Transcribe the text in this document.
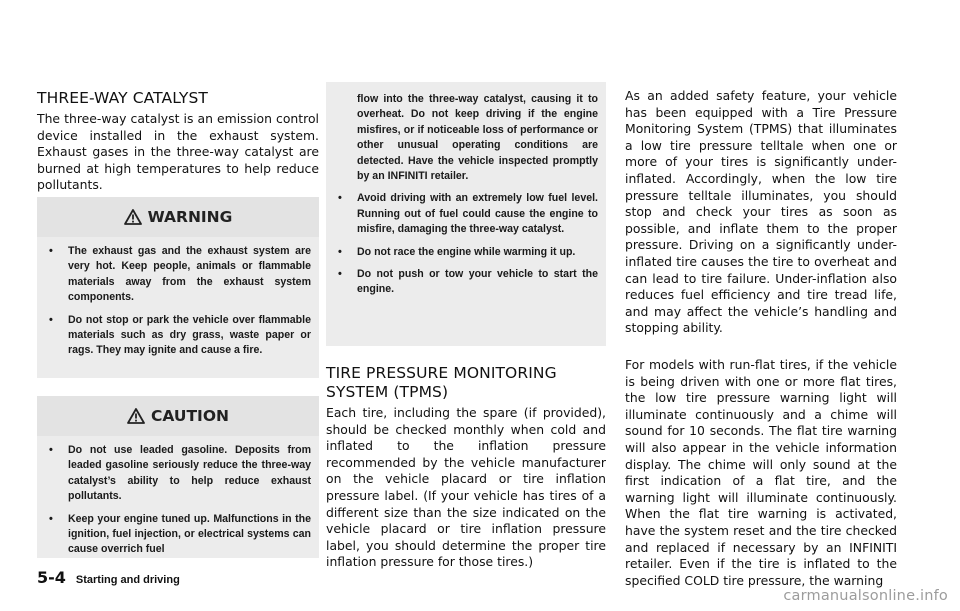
THREE-WAY CATALYST

The three-way catalyst is an emission control device installed in the exhaust system. Exhaust gases in the three-way catalyst are burned at high temperatures to help reduce pollutants.

WARNING
• The exhaust gas and the exhaust system are very hot. Keep people, animals or flammable materials away from the exhaust system components.
• Do not stop or park the vehicle over flammable materials such as dry grass, waste paper or rags. They may ignite and cause a fire.
CAUTION
• Do not use leaded gasoline. Deposits from leaded gasoline seriously reduce the three-way catalyst’s ability to help reduce exhaust pollutants.
• Keep your engine tuned up. Malfunctions in the ignition, fuel injection, or electrical systems can cause overrich fuel
flow into the three-way catalyst, causing it to overheat. Do not keep driving if the engine misfires, or if noticeable loss of performance or other unusual operating conditions are detected. Have the vehicle inspected promptly by an INFINITI retailer.
• Avoid driving with an extremely low fuel level. Running out of fuel could cause the engine to misfire, damaging the three-way catalyst.
• Do not race the engine while warming it up.
• Do not push or tow your vehicle to start the engine.
TIRE PRESSURE MONITORING SYSTEM (TPMS)

Each tire, including the spare (if provided), should be checked monthly when cold and inflated to the inflation pressure recommended by the vehicle manufacturer on the vehicle placard or tire inflation pressure label. (If your vehicle has tires of a different size than the size indicated on the vehicle placard or tire inflation pressure label, you should determine the proper tire inflation pressure for those tires.)

As an added safety feature, your vehicle has been equipped with a Tire Pressure Monitoring System (TPMS) that illuminates a low tire pressure telltale when one or more of your tires is significantly under-inflated. Accordingly, when the low tire pressure telltale illuminates, you should stop and check your tires as soon as possible, and inflate them to the proper pressure. Driving on a significantly under-inflated tire causes the tire to overheat and can lead to tire failure. Under-inflation also reduces fuel efficiency and tire tread life, and may affect the vehicle’s handling and stopping ability.

For models with run-flat tires, if the vehicle is being driven with one or more flat tires, the low tire pressure warning light will illuminate continuously and a chime will sound for 10 seconds. The flat tire warning will also appear in the vehicle information display. The chime will only sound at the first indication of a flat tire, and the warning light will illuminate continuously. When the flat tire warning is activated, have the system reset and the tire checked and replaced if necessary by an INFINITI retailer. Even if the tire is inflated to the specified COLD tire pressure, the warning

5-4 Starting and driving
carmanualsonline.info
